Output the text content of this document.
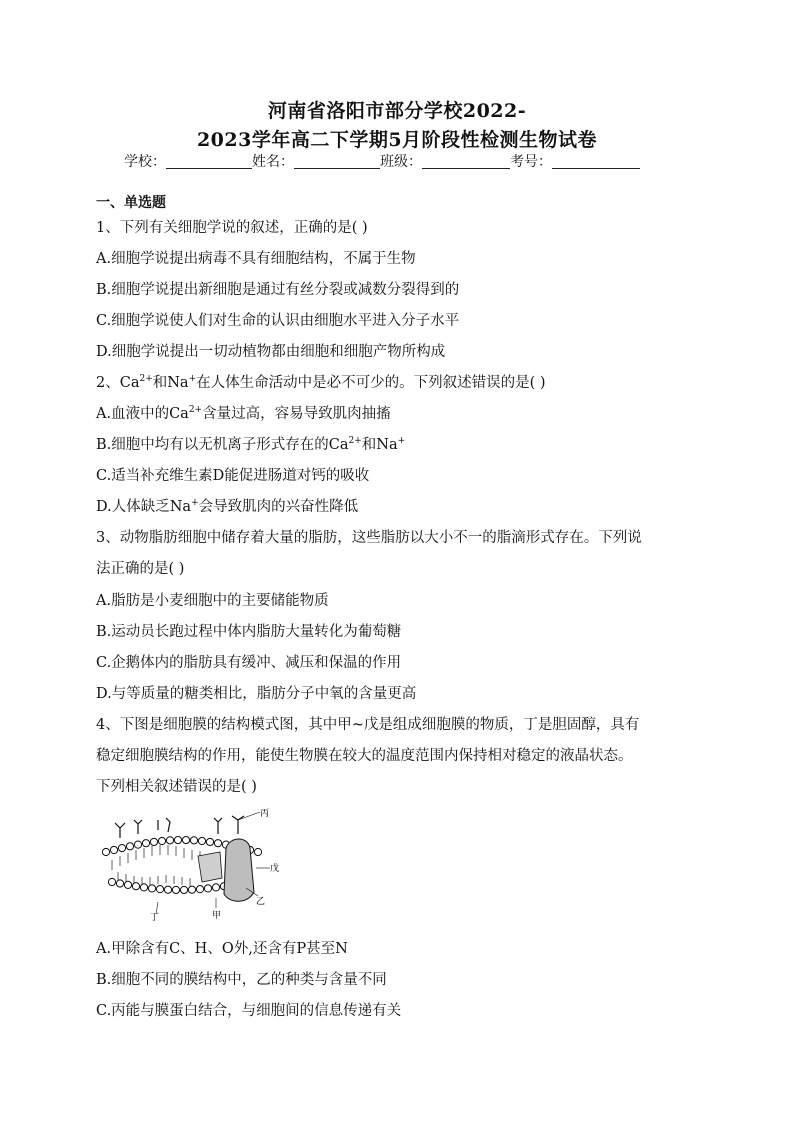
河南省洛阳市部分学校2022-
2023学年高二下学期5月阶段性检测生物试卷
学校：	姓名：	班级：	考号：
一、单选题
1、下列有关细胞学说的叙述，正确的是( )
A.细胞学说提出病毒不具有细胞结构，不属于生物
B.细胞学说提出新细胞是通过有丝分裂或减数分裂得到的
C.细胞学说使人们对生命的认识由细胞水平进入分子水平
D.细胞学说提出一切动植物都由细胞和细胞产物所构成
2、$Ca^{2+}$和Na+在人体生命活动中是必不可少的。下列叙述错误的是( )
A.血液中的$Ca^{2+}$含量过高，容易导致肌肉抽搐
B.细胞中均有以无机离子形式存在的$Ca^{2+}$和Na+
C.适当补充维生素D能促进肠道对钙的吸收
D.人体缺乏Na+会导致肌肉的兴奋性降低
3、动物脂肪细胞中储存着大量的脂肪，这些脂肪以大小不一的脂滴形式存在。下列说
法正确的是( )
A.脂肪是小麦细胞中的主要储能物质
B.运动员长跑过程中体内脂肪大量转化为葡萄糖
C.企鹅体内的脂肪具有缓冲、减压和保温的作用
D.与等质量的糖类相比，脂肪分子中氧的含量更高
4、下图是细胞膜的结构模式图，其中甲~戊是组成细胞膜的物质，丁是胆固醇，具有
稳定细胞膜结构的作用，能使生物膜在较大的温度范围内保持相对稳定的液晶状态。
下列相关叙述错误的是( )
丙
戊
乙
甲
丁
A.甲除含有C、H、O外,还含有P甚至N
B.细胞不同的膜结构中，乙的种类与含量不同
C.丙能与膜蛋白结合，与细胞间的信息传递有关
